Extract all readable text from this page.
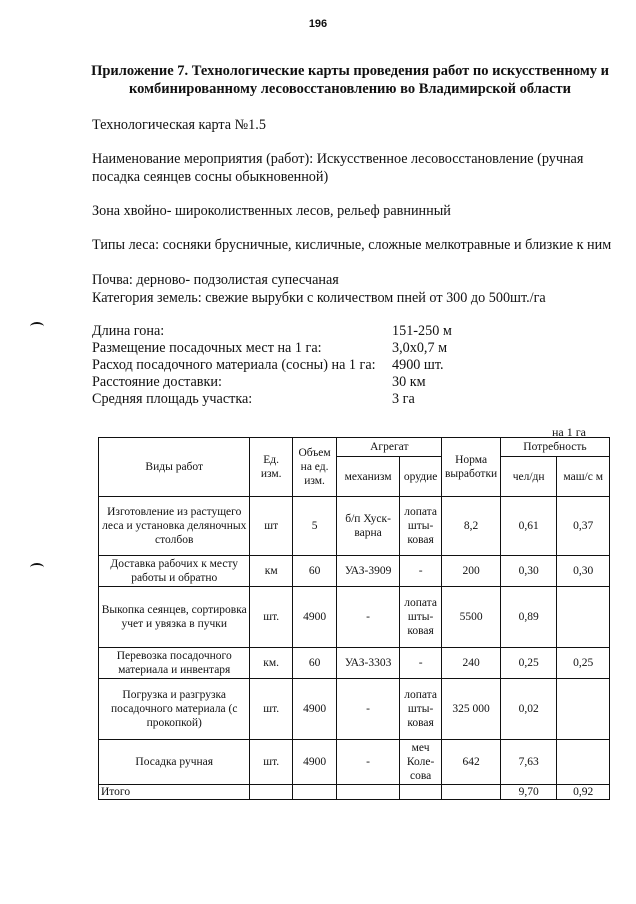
196
Приложение 7. Технологические карты проведения работ по искусственному и комбинированному лесовосстановлению во Владимирской области
Технологическая карта №1.5
Наименование мероприятия (работ): Искусственное лесовосстановление (ручная посадка сеянцев сосны обыкновенной)
Зона хвойно- широколиственных лесов, рельеф равнинный
Типы леса: сосняки брусничные, кисличные, сложные мелкотравные и близкие к ним
Почва: дерново- подзолистая супесчаная
Категория земель: свежие вырубки с количеством пней от 300 до 500шт./га
Длина гона:	151-250 м
Размещение посадочных мест на 1 га:	3,0х0,7 м
Расход посадочного материала (сосны) на 1 га:	4900 шт.
Расстояние доставки:	30 км
Средняя площадь участка:	3 га
на 1 га
Виды работ	Ед. изм.	Объем на ед. изм.	Агрегат		Норма выработки	Потребность	
			механизм	орудие		чел/дн	маш/с м
Изготовление из растущего леса и установка деляночных столбов	шт	5	б/п Хускварна	лопата штыковая	8,2	0,61	0,37
Доставка рабочих к месту работы и обратно	км	60	УАЗ-3909	-	200	0,30	0,30
Выкопка сеянцев, сортировка учет и увязка в пучки	шт.	4900	-	лопата штыковая	5500	0,89	
Перевозка посадочного материала и инвентаря	км.	60	УАЗ-3303	-	240	0,25	0,25
Погрузка и разгрузка посадочного материала (с прокопкой)	шт.	4900	-	лопата штыковая	325 000	0,02	
Посадка ручная	шт.	4900	-	меч Колесова	642	7,63	
Итого						9,70	0,92
